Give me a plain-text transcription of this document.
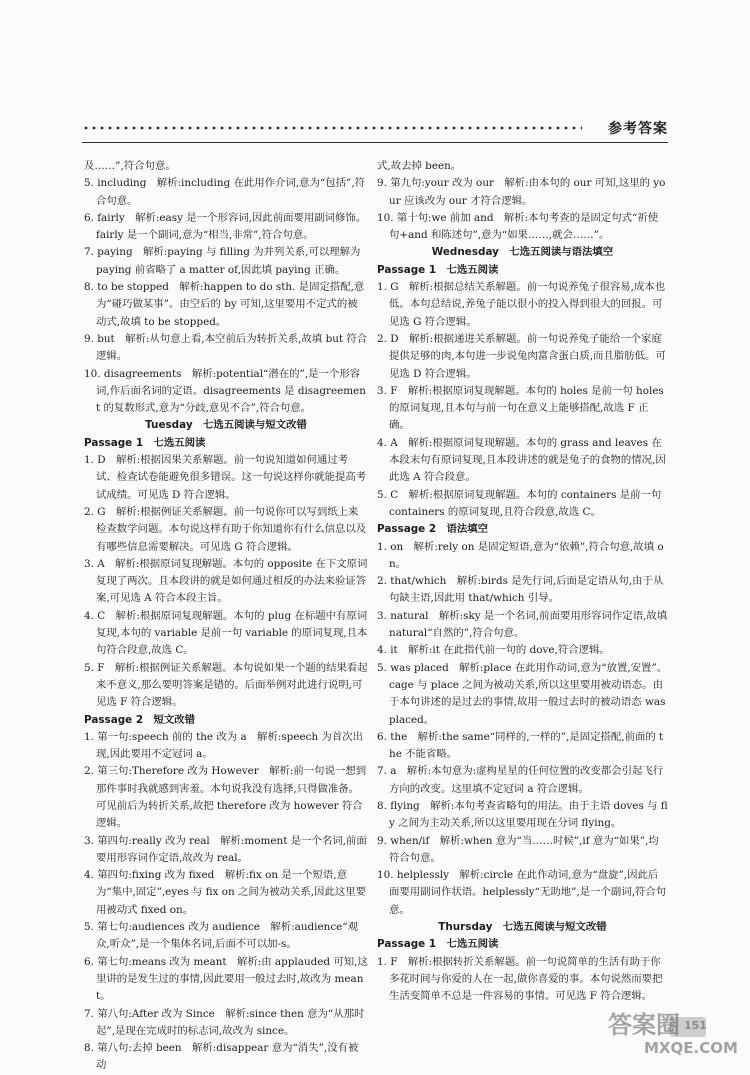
参考答案
及……”,符合句意。
5. including　解析:including 在此用作介词,意为“包括”,符合句意。
6. fairly　解析:easy 是一个形容词,因此前面要用副词修饰。fairly 是一个副词,意为“相当,非常”,符合句意。
7. paying　解析:paying 与 filling 为并列关系,可以理解为 paying 前省略了 a matter of,因此填 paying 正确。
8. to be stopped　解析:happen to do sth. 是固定搭配,意为“碰巧做某事”。由空后的 by 可知,这里要用不定式的被动式,故填 to be stopped。
9. but　解析:从句意上看,本空前后为转折关系,故填 but 符合逻辑。
10. disagreements　解析:potential“潜在的”,是一个形容词,作后面名词的定语。disagreements 是 disagreement 的复数形式,意为“分歧,意见不合”,符合句意。
Tuesday　七选五阅读与短文改错
Passage 1　七选五阅读
1. D　解析:根据因果关系解题。前一句说知道如何通过考试、检查试卷能避免很多错误。这一句说这样你就能提高考试成绩。可见选 D 符合逻辑。
2. G　解析:根据例证关系解题。前一句说你可以写到纸上来检查数学问题。本句说这样有助于你知道你有什么信息以及有哪些信息需要解决。可见选 G 符合逻辑。
3. A　解析:根据原词复现解题。本句的 opposite 在下文原词复现了两次。且本段讲的就是如何通过相反的办法来验证答案,可见选 A 符合本段主旨。
4. C　解析:根据原词复现解题。本句的 plug 在标题中有原词复现,本句的 variable 是前一句 variable 的原词复现,且本句符合段意,故选 C。
5. F　解析:根据例证关系解题。本句说如果一个题的结果看起来不意义,那么要明答案是错的。后面举例对此进行说明,可见选 F 符合逻辑。
Passage 2　短文改错
1. 第一句:speech 前的 the 改为 a　解析:speech 为首次出现,因此要用不定冠词 a。
2. 第三句:Therefore 改为 However　解析:前一句说一想到那件事时我就感到害羞。本句说我没有选择,只得做准备。可见前后为转折关系,故把 therefore 改为 however 符合逻辑。
3. 第四句:really 改为 real　解析:moment 是一个名词,前面要用形容词作定语,故改为 real。
4. 第四句:fixing 改为 fixed　解析:fix on 是一个短语,意为“集中,固定”,eyes 与 fix on 之间为被动关系,因此这里要用被动式 fixed on。
5. 第七句:audiences 改为 audience　解析:audience“观众,听众”,是一个集体名词,后面不可以加-s。
6. 第七句:means 改为 meant　解析:由 applauded 可知,这里讲的是发生过的事情,因此要用一般过去时,故改为 meant。
7. 第八句:After 改为 Since　解析:since then 意为“从那时起”,是现在完成时的标志词,故改为 since。
8. 第八句:去掉 been　解析:disappear 意为“消失”,没有被动
式,故去掉 been。
9. 第九句:your 改为 our　解析:由本句的 our 可知,这里的 your 应该改为 our 才符合逻辑。
10. 第十句:we 前加 and　解析:本句考查的是固定句式“祈使句+and 和陈述句”,意为“如果……,就会……”。
Wednesday　七选五阅读与语法填空
Passage 1　七选五阅读
1. G　解析:根据总结关系解题。前一句说养兔子很容易,成本也低。本句总结说,养兔子能以很小的投入得到很大的回报。可见选 G 符合逻辑。
2. D　解析:根据递进关系解题。前一句说养兔子能给一个家庭提供足够的肉,本句进一步说兔肉富含蛋白质,而且脂肪低。可见选 D 符合逻辑。
3. F　解析:根据原词复现解题。本句的 holes 是前一句 holes 的原词复现,且本句与前一句在意义上能够搭配,故选 F 正确。
4. A　解析:根据原词复现解题。本句的 grass and leaves 在本段末句有原词复现,且本段讲述的就是兔子的食物的情况,因此选 A 符合段意。
5. C　解析:根据原词复现解题。本句的 containers 是前一句 containers 的原词复现,且符合段意,故选 C。
Passage 2　语法填空
1. on　解析:rely on 是固定短语,意为“依赖”,符合句意,故填 on。
2. that/which　解析:birds 是先行词,后面是定语从句,由于从句缺主语,因此用 that/which 引导。
3. natural　解析:sky 是一个名词,前面要用形容词作定语,故填 natural“自然的”,符合句意。
4. it　解析:it 在此指代前一句的 dove,符合逻辑。
5. was placed　解析:place 在此用作动词,意为“放置,安置”。cage 与 place 之间为被动关系,所以这里要用被动语态。由于本句讲述的是过去的事情,故用一般过去时的被动语态 was placed。
6. the　解析:the same“同样的,一样的”,是固定搭配,前面的 the 不能省略。
7. a　解析:本句意为:虚构星星的任何位置的改变都会引起飞行方向的改变。这里填不定冠词 a 符合逻辑。
8. flying　解析:本句考查省略句的用法。由于主语 doves 与 fly 之间为主动关系,所以这里要用现在分词 flying。
9. when/if　解析:when 意为“当……时候”,if 意为“如果”,均符合句意。
10. helplessly　解析:circle 在此作动词,意为“盘旋”,因此后面要用副词作状语。helplessly“无助地”,是一个副词,符合句意。
Thursday　七选五阅读与短文改错
Passage 1　七选五阅读
1. F　解析:根据转折关系解题。前一句说简单的生活有助于你多花时间与你爱的人在一起,做你喜爱的事。本句说然而要把生活变简单不总是一件容易的事情。可见选 F 符合逻辑。
151
答案圈
MXQE.COM
